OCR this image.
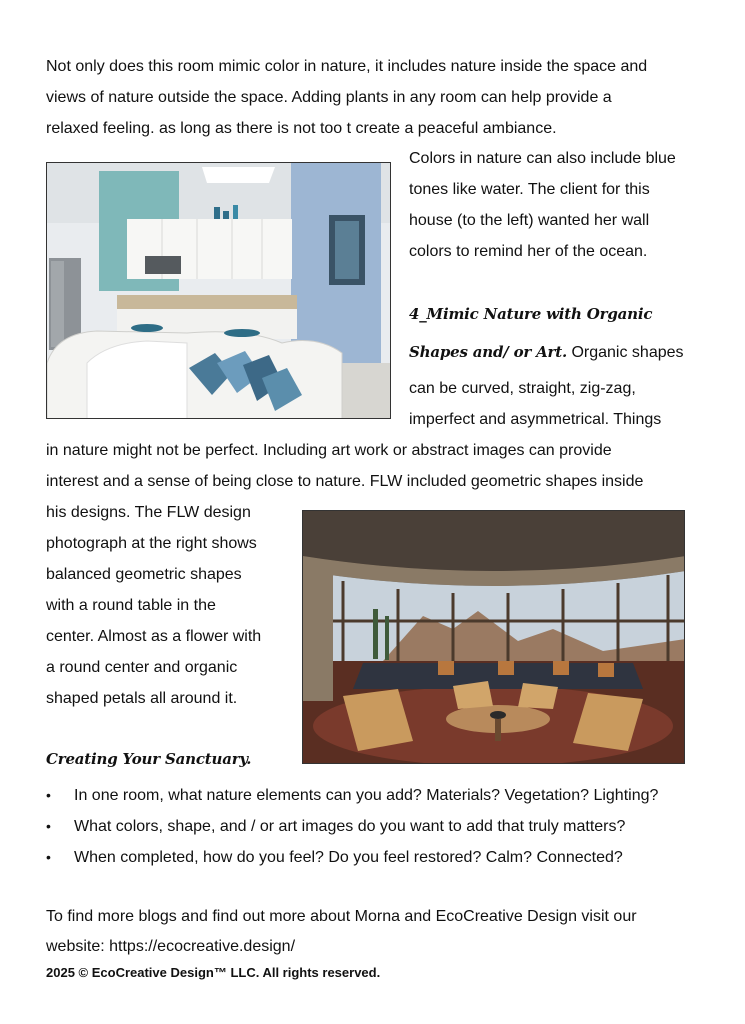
Not only does this room mimic color in nature, it includes nature inside the space and
views of nature outside the space. Adding plants in any room can help provide a
relaxed feeling. as long as there is not too t create a peaceful ambiance.
Colors in nature can also include blue
tones like water. The client for this
house (to the left) wanted her wall
colors to remind her of the ocean.
4_Mimic Nature with Organic
Shapes and/ or Art. Organic shapes
can be curved, straight, zig-zag,
imperfect and asymmetrical. Things
in nature might not be perfect. Including art work or abstract images can provide
interest and a sense of being close to nature. FLW included geometric shapes inside
his designs. The FLW design
photograph at the right shows
balanced geometric shapes
with a round table in the
center. Almost as a flower with
a round center and organic
shaped petals all around it.
Creating Your Sanctuary.
• In one room, what nature elements can you add? Materials? Vegetation? Lighting?
• What colors, shape, and / or art images do you want to add that truly matters?
• When completed, how do you feel? Do you feel restored? Calm? Connected?
To find more blogs and find out more about Morna and EcoCreative Design visit our
website: https://ecocreative.design/
2025 © EcoCreative Design™ LLC. All rights reserved.
